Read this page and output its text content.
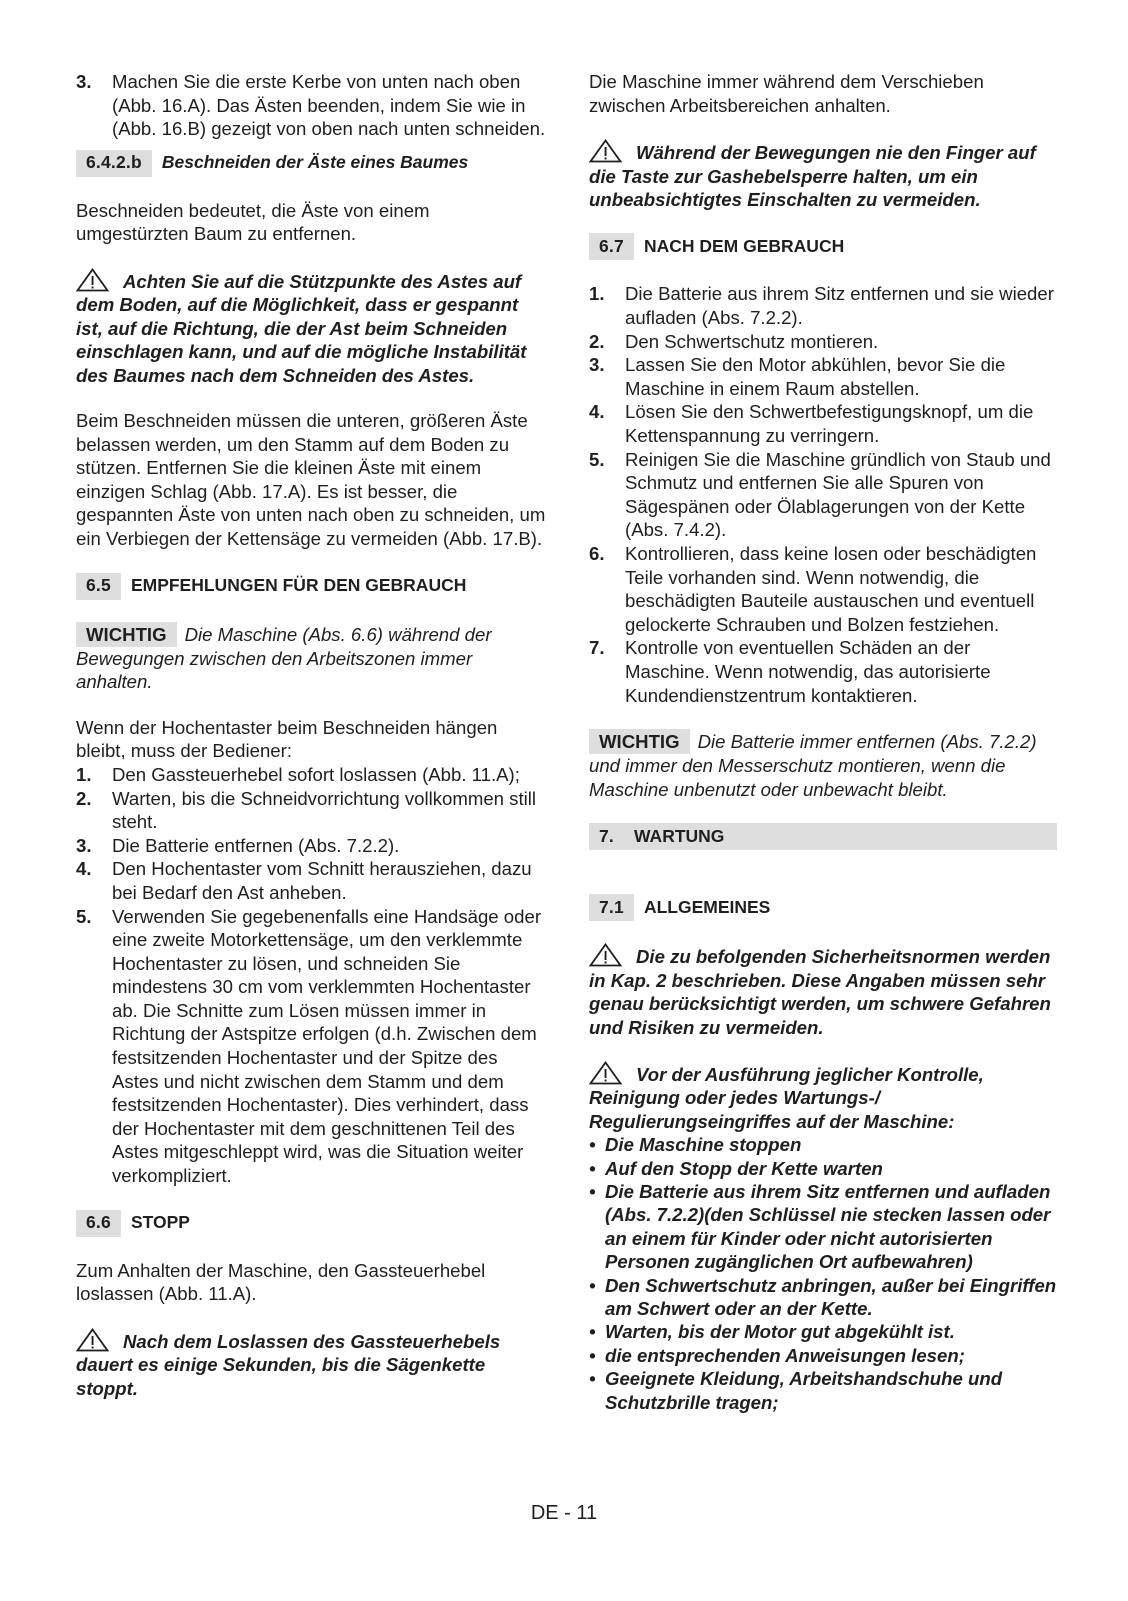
3.	Machen Sie die erste Kerbe von unten nach oben (Abb. 16.A). Das Ästen beenden, indem Sie wie in (Abb. 16.B) gezeigt von oben nach unten schneiden.
6.4.2.b	Beschneiden der Äste eines Baumes

Beschneiden bedeutet, die Äste von einem umgestürzten Baum zu entfernen.

Achten Sie auf die Stützpunkte des Astes auf dem Boden, auf die Möglichkeit, dass er gespannt ist, auf die Richtung, die der Ast beim Schneiden einschlagen kann, und auf die mögliche Instabilität des Baumes nach dem Schneiden des Astes.

Beim Beschneiden müssen die unteren, größeren Äste belassen werden, um den Stamm auf dem Boden zu stützen. Entfernen Sie die kleinen Äste mit einem einzigen Schlag (Abb. 17.A). Es ist besser, die gespannten Äste von unten nach oben zu schneiden, um ein Verbiegen der Kettensäge zu vermeiden (Abb. 17.B).

6.5	EMPFEHLUNGEN FÜR DEN GEBRAUCH

WICHTIG Die Maschine (Abs. 6.6) während der Bewegungen zwischen den Arbeitszonen immer anhalten.

Wenn der Hochentaster beim Beschneiden hängen bleibt, muss der Bediener:

1.	Den Gassteuerhebel sofort loslassen (Abb. 11.A);
2.	Warten, bis die Schneidvorrichtung vollkommen still steht.
3.	Die Batterie entfernen (Abs. 7.2.2).
4.	Den Hochentaster vom Schnitt herausziehen, dazu bei Bedarf den Ast anheben.
5.	Verwenden Sie gegebenenfalls eine Handsäge oder eine zweite Motorkettensäge, um den verklemmte Hochentaster zu lösen, und schneiden Sie mindestens 30 cm vom verklemmten Hochentaster ab. Die Schnitte zum Lösen müssen immer in Richtung der Astspitze erfolgen (d.h. Zwischen dem festsitzenden Hochentaster und der Spitze des Astes und nicht zwischen dem Stamm und dem festsitzenden Hochentaster). Dies verhindert, dass der Hochentaster mit dem geschnittenen Teil des Astes mitgeschleppt wird, was die Situation weiter verkompliziert.
6.6	STOPP

Zum Anhalten der Maschine, den Gassteuerhebel loslassen (Abb. 11.A).

Nach dem Loslassen des Gassteuerhebels dauert es einige Sekunden, bis die Sägenkette stoppt.

Die Maschine immer während dem Verschieben zwischen Arbeitsbereichen anhalten.

Während der Bewegungen nie den Finger auf die Taste zur Gashebelsperre halten, um ein unbeabsichtigtes Einschalten zu vermeiden.

6.7	NACH DEM GEBRAUCH
1.	Die Batterie aus ihrem Sitz entfernen und sie wieder aufladen (Abs. 7.2.2).
2.	Den Schwertschutz montieren.
3.	Lassen Sie den Motor abkühlen, bevor Sie die Maschine in einem Raum abstellen.
4.	Lösen Sie den Schwertbefestigungsknopf, um die Kettenspannung zu verringern.
5.	Reinigen Sie die Maschine gründlich von Staub und Schmutz und entfernen Sie alle Spuren von Sägespänen oder Ölablagerungen von der Kette (Abs. 7.4.2).
6.	Kontrollieren, dass keine losen oder beschädigten Teile vorhanden sind. Wenn notwendig, die beschädigten Bauteile austauschen und eventuell gelockerte Schrauben und Bolzen festziehen.
7.	Kontrolle von eventuellen Schäden an der Maschine. Wenn notwendig, das autorisierte Kundendienstzentrum kontaktieren.

WICHTIG Die Batterie immer entfernen (Abs. 7.2.2) und immer den Messerschutz montieren, wenn die Maschine unbenutzt oder unbewacht bleibt.

7.	WARTUNG
7.1	ALLGEMEINES

Die zu befolgenden Sicherheitsnormen werden in Kap. 2 beschrieben. Diese Angaben müssen sehr genau berücksichtigt werden, um schwere Gefahren und Risiken zu vermeiden.

Vor der Ausführung jeglicher Kontrolle, Reinigung oder jedes Wartungs-/ Regulierungseingriffes auf der Maschine:

• Die Maschine stoppen
• Auf den Stopp der Kette warten
• Die Batterie aus ihrem Sitz entfernen und aufladen (Abs. 7.2.2)(den Schlüssel nie stecken lassen oder an einem für Kinder oder nicht autorisierten Personen zugänglichen Ort aufbewahren)
• Den Schwertschutz anbringen, außer bei Eingriffen am Schwert oder an der Kette.
• Warten, bis der Motor gut abgekühlt ist.
• die entsprechenden Anweisungen lesen;
• Geeignete Kleidung, Arbeitshandschuhe und Schutzbrille tragen;
DE - 11
